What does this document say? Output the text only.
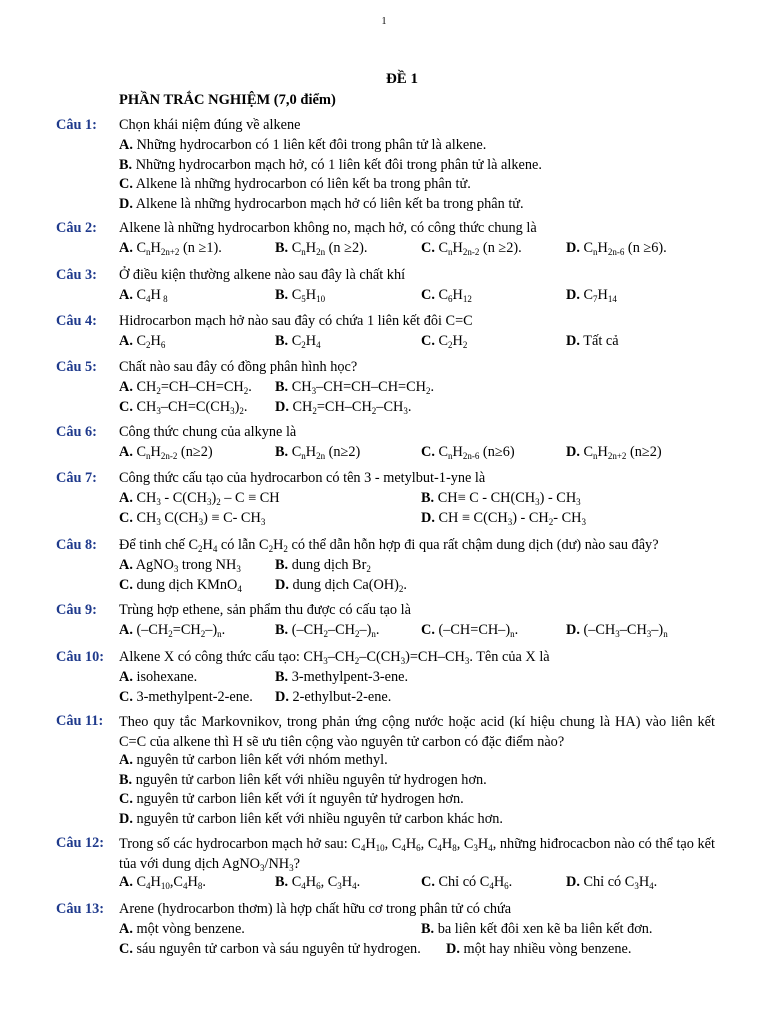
1
ĐỀ 1
PHẦN TRẮC NGHIỆM (7,0 điểm)
Câu 1: Chọn khái niệm đúng về alkene
A. Những hydrocarbon có 1 liên kết đôi trong phân tử là alkene.
B. Những hydrocarbon mạch hở, có 1 liên kết đôi trong phân tử là alkene.
C. Alkene là những hydrocarbon có liên kết ba trong phân tử.
D. Alkene là những hydrocarbon mạch hở có liên kết ba trong phân tử.
Câu 2: Alkene là những hydrocarbon không no, mạch hở, có công thức chung là
A. $C_nH_{2n+2}$ (n ≥1).	B. $C_nH_{2n}$ (n ≥2).	C. $C_nH_{2n-2}$ (n ≥2).	D. $C_nH_{2n-6}$ (n ≥6).
Câu 3: Ở điều kiện thường alkene nào sau đây là chất khí
A. $C_4H$ $_8$	B. $C_5H_{10}$	C. $C_6H_{12}$	D. $C_7H_{14}$
Câu 4: Hidrocarbon mạch hở nào sau đây có chứa 1 liên kết đôi C=C
A. $C_2H_6$	B. $C_2H_4$	C. $C_2H_2$	D. Tất cả
Câu 5: Chất nào sau đây có đồng phân hình học?
A. $CH_2=CH-CH=CH_2$. B. $CH_3-CH=CH-CH=CH_2$.
C. $CH_3-CH=C(CH_3)_2$. D. $CH_2=CH-CH_2-CH_3$.
Câu 6: Công thức chung của alkyne là
A. $C_nH_{2n-2}$ (n≥2)	B. $C_nH_{2n}$ (n≥2)	C. $C_nH_{2n-6}$ (n≥6)	D. $C_nH_{2n+2}$ (n≥2)
Câu 7: Công thức cấu tạo của hydrocarbon có tên 3 - metylbut-1-yne là
A. $CH_3 - C(CH_3)_2$ – C ≡ CH	B. $CH\equiv C - CH(CH_3) - CH_3$
C. $CH_3$ $C(CH_3) \equiv C-$ $CH_3$	D. CH ≡ $C(CH_3) - CH_2-$ $CH_3$
Câu 8: Để tinh chế $C_2H_4$ có lẫn $C_2H_2$ có thể dẫn hỗn hợp đi qua rất chậm dung dịch (dư) nào sau đây?
A. AgNO$_3$ trong $NH_3$ B. dung dịch $Br_2$
C. dung dịch KMnO$_4$ D. dung dịch $Ca(OH)_2$.
Câu 9: Trùng hợp ethene, sản phẩm thu được có cấu tạo là
A. $(-CH_2=CH_2-)_n$.	B. $(-CH_2-CH_2-)_n$.	C. $(-CH=CH-)_n$.	D. $(-CH_3-CH_3-)_n$
Câu 10: Alkene X có công thức cấu tạo: $CH_3-CH_2-C(CH_3)=CH-CH_3$. Tên của X là
A. isohexane.	B. 3-methylpent-3-ene.
C. 3-methylpent-2-ene. D. 2-ethylbut-2-ene.
Câu 11: Theo quy tắc Markovnikov, trong phản ứng cộng nước hoặc acid (kí hiệu chung là HA) vào liên kết C=C của alkene thì H sẽ ưu tiên cộng vào nguyên tử carbon có đặc điểm nào?
A. nguyên tử carbon liên kết với nhóm methyl.
B. nguyên tử carbon liên kết với nhiều nguyên tử hydrogen hơn.
C. nguyên tử carbon liên kết với ít nguyên tử hydrogen hơn.
D. nguyên tử carbon liên kết với nhiều nguyên tử carbon khác hơn.
Câu 12: Trong số các hydrocarbon mạch hở sau: $C_4H_{10}$, $C_4H_6$, $C_4H_8$, $C_3H_4$, những hiđrocacbon nào có thể tạo kết tủa với dung dịch $AgNO_3/NH_3$?
A. $C_4H_{10},C_4H_8$.	B. $C_4H_6$, $C_3H_4$.	C. Chỉ có $C_4H_6$.	D. Chỉ có $C_3H_4$.
Câu 13: Arene (hydrocarbon thơm) là hợp chất hữu cơ trong phân tử có chứa
A. một vòng benzene.	B. ba liên kết đôi xen kẽ ba liên kết đơn.
C. sáu nguyên tử carbon và sáu nguyên tử hydrogen. D. một hay nhiều vòng benzene.
